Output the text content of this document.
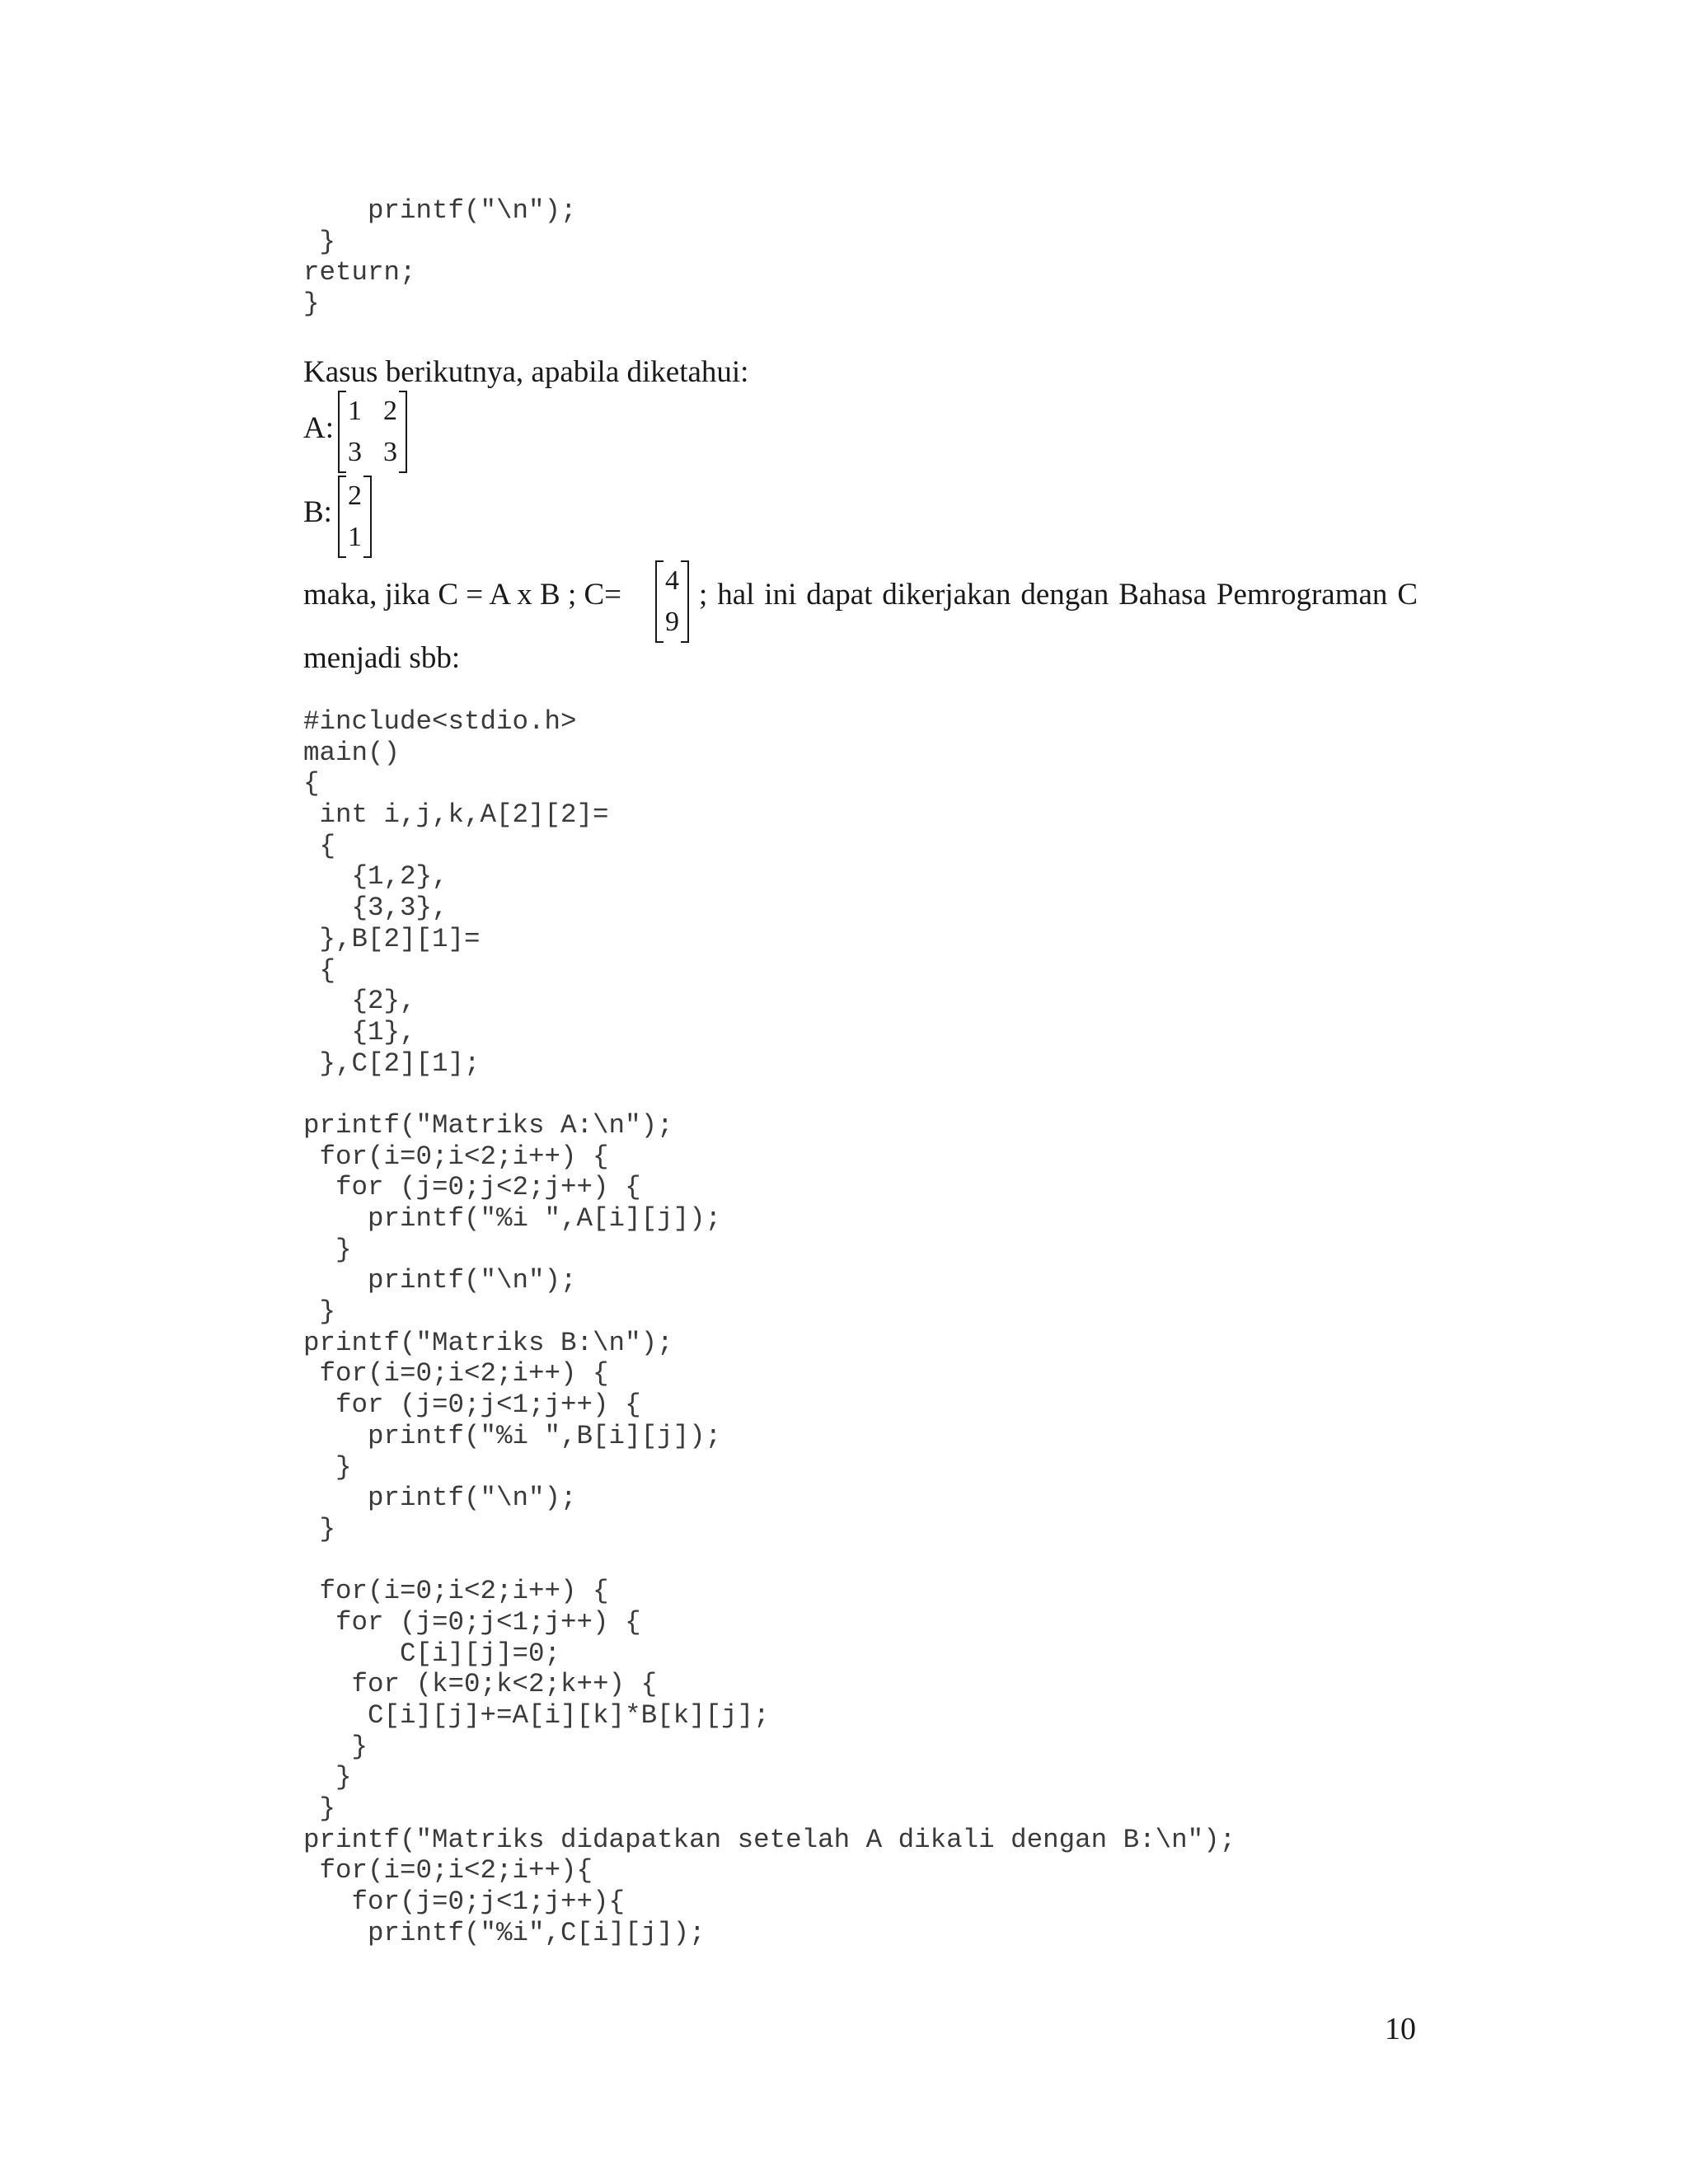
printf("\n");
}
return;
}
Kasus berikutnya, apabila diketahui:
A:
1 2
3 3
B: 2
1
maka, jika C = A x B ; C= 4
9
; hal ini dapat dikerjakan dengan Bahasa Pemrograman C
menjadi sbb:
#include<stdio.h>
main()
{
int i,j,k,A[2][2]=
{
{1,2},
{3,3},
},B[2][1]=
{
{2},
{1},
},C[2][1];
printf("Matriks A:\n");
for(i=0;i<2;i++) {
for (j=0;j<2;j++) {
printf("%i ",A[i][j]);
}
printf("\n");
}
printf("Matriks B:\n");
for(i=0;i<2;i++) {
for (j=0;j<1;j++) {
printf("%i ",B[i][j]);
}
printf("\n");
}
for(i=0;i<2;i++) {
for (j=0;j<1;j++) {
C[i][j]=0;
for (k=0;k<2;k++) {
C[i][j]+=A[i][k]*B[k][j];
}
}
}
printf("Matriks didapatkan setelah A dikali dengan B:\n");
for(i=0;i<2;i++){
for(j=0;j<1;j++){
printf("%i",C[i][j]);
10
